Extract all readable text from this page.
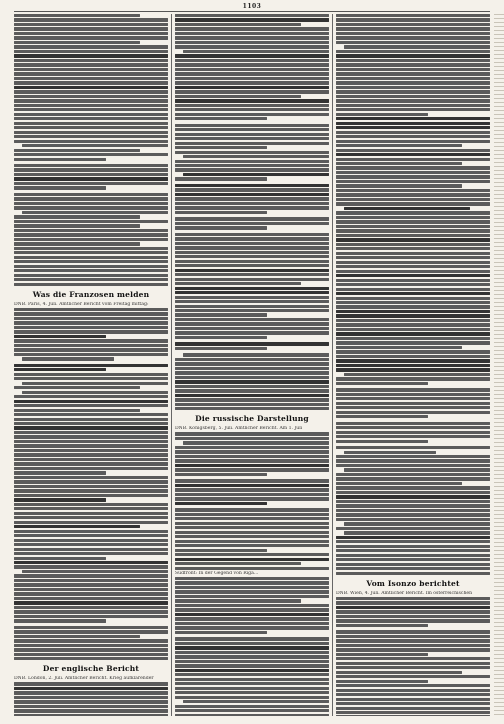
1103
Was die Franzosen melden
DNB. Paris, 4. Juli. Amtlicher Bericht vom Freitag mittag:
Der englische Bericht
DNB. London, 2. Juli. Amtlicher Bericht. Krieg aufklärender
Die russische Darstellung
DNB. Königsberg, 5. Juli. Amtlicher Bericht. Am 1. Juli
Südfront: In der Gegend von Riga...
Vom Isonzo berichtet
DNB. Wien, 4. Juli. Amtlicher Bericht. Im österreichischen
